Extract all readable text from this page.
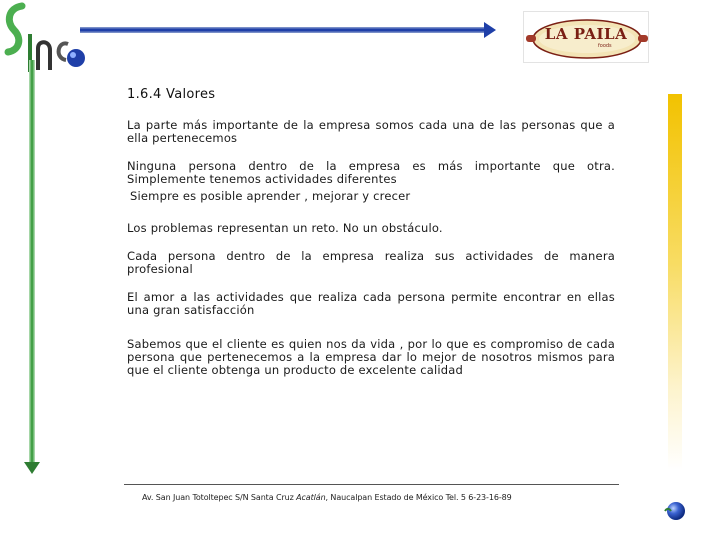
LA PAILA
foods
1.6.4 Valores

La parte más importante de la empresa somos cada una de las personas que a ella pertenecemos

Ninguna persona dentro de la empresa es más importante que otra. Simplemente tenemos actividades diferentes

Siempre es posible aprender , mejorar y crecer

Los problemas representan un reto. No un obstáculo.

Cada persona dentro de la empresa realiza sus actividades de manera profesional

El amor a las actividades que realiza cada persona permite encontrar en ellas una gran satisfacción

Sabemos que el cliente es quien nos da vida , por lo que es compromiso de cada persona que pertenecemos a la empresa dar lo mejor de nosotros mismos para que el cliente obtenga un producto de excelente calidad

Av. San Juan Totoltepec S/N Santa Cruz Acatlán, Naucalpan Estado de México Tel. 5 6-23-16-89
